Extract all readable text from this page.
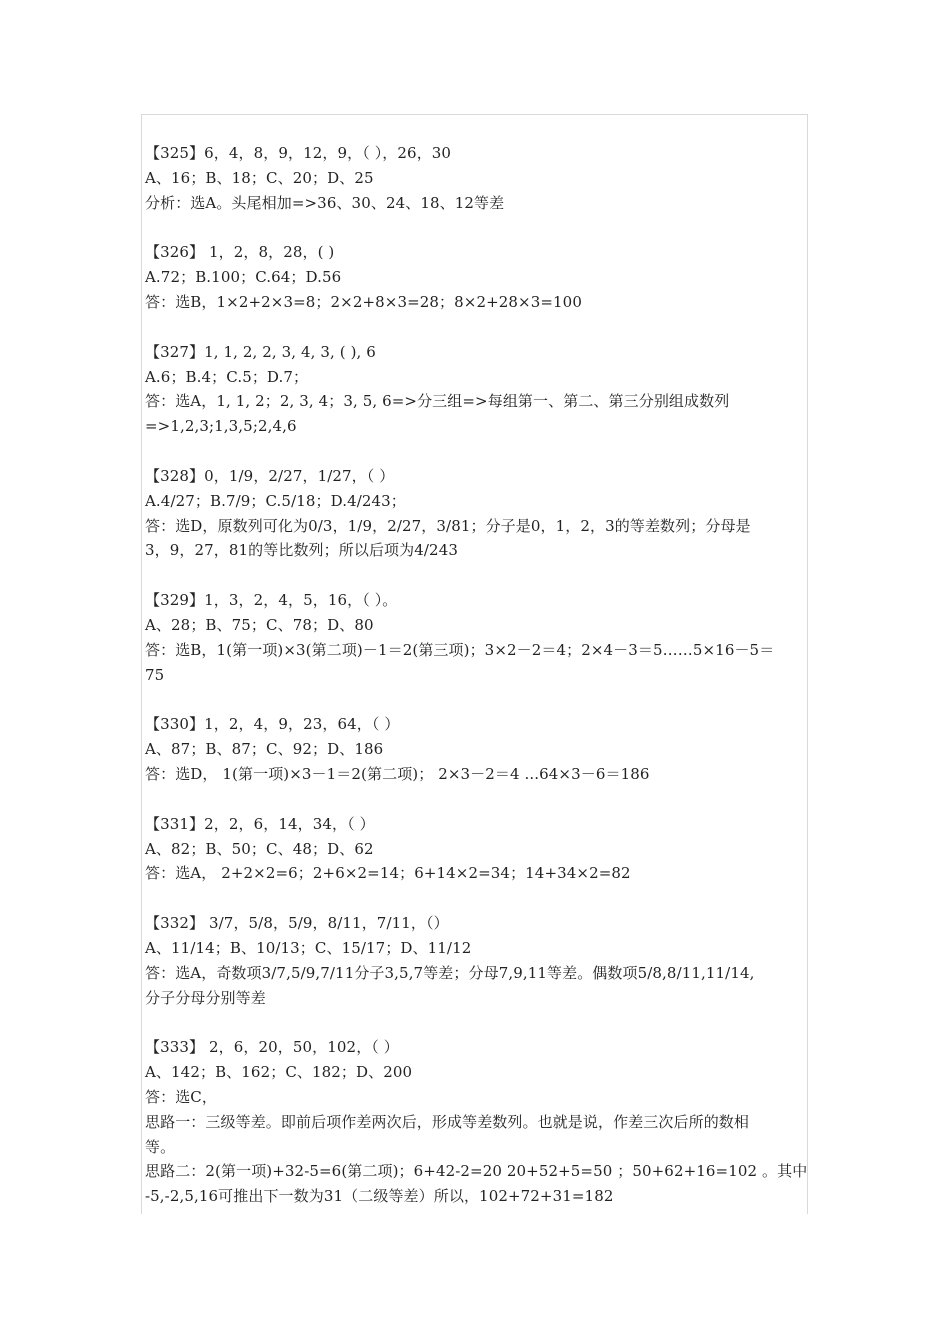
【325】6，4，8，9，12，9，（ ），26，30
A、16；B、18；C、20；D、25
分析：选A。头尾相加=>36、30、24、18、12等差
【326】 1，2，8，28，( )
A.72；B.100；C.64；D.56
答：选B，1×2+2×3=8；2×2+8×3=28；8×2+28×3=100
【327】1, 1, 2, 2, 3, 4, 3, ( ), 6
A.6；B.4；C.5；D.7；
答：选A，1, 1, 2；2, 3, 4；3, 5, 6=>分三组=>每组第一、第二、第三分别组成数列
=>1,2,3;1,3,5;2,4,6
【328】0，1/9，2/27，1/27，（ ）
A.4/27；B.7/9；C.5/18；D.4/243；
答：选D，原数列可化为0/3，1/9，2/27，3/81；分子是0，1，2，3的等差数列；分母是
3，9，27，81的等比数列；所以后项为4/243
【329】1，3，2，4，5，16，（ ）。
A、28；B、75；C、78；D、80
答：选B，1(第一项)×3(第二项)－1＝2(第三项)；3×2－2＝4；2×4－3＝5……5×16－5＝
75
【330】1，2，4，9，23，64，（ ）
A、87；B、87；C、92；D、186
答：选D， 1(第一项)×3－1＝2(第二项)； 2×3－2＝4 ...64×3－6＝186
【331】2，2，6，14，34，（ ）
A、82；B、50；C、48；D、62
答：选A， 2+2×2=6；2+6×2=14；6+14×2=34；14+34×2=82
【332】 3/7，5/8，5/9，8/11，7/11，（）
A、11/14；B、10/13；C、15/17；D、11/12
答：选A，奇数项3/7,5/9,7/11分子3,5,7等差；分母7,9,11等差。偶数项5/8,8/11,11/14,
分子分母分别等差
【333】 2，6，20，50，102，（ ）
A、142；B、162；C、182；D、200
答：选C，
思路一：三级等差。即前后项作差两次后，形成等差数列。也就是说，作差三次后所的数相
等。
思路二：2(第一项)+32-5=6(第二项)；6+42-2=20 20+52+5=50 ；50+62+16=102 。其中
-5,-2,5,16可推出下一数为31（二级等差）所以，102+72+31=182
